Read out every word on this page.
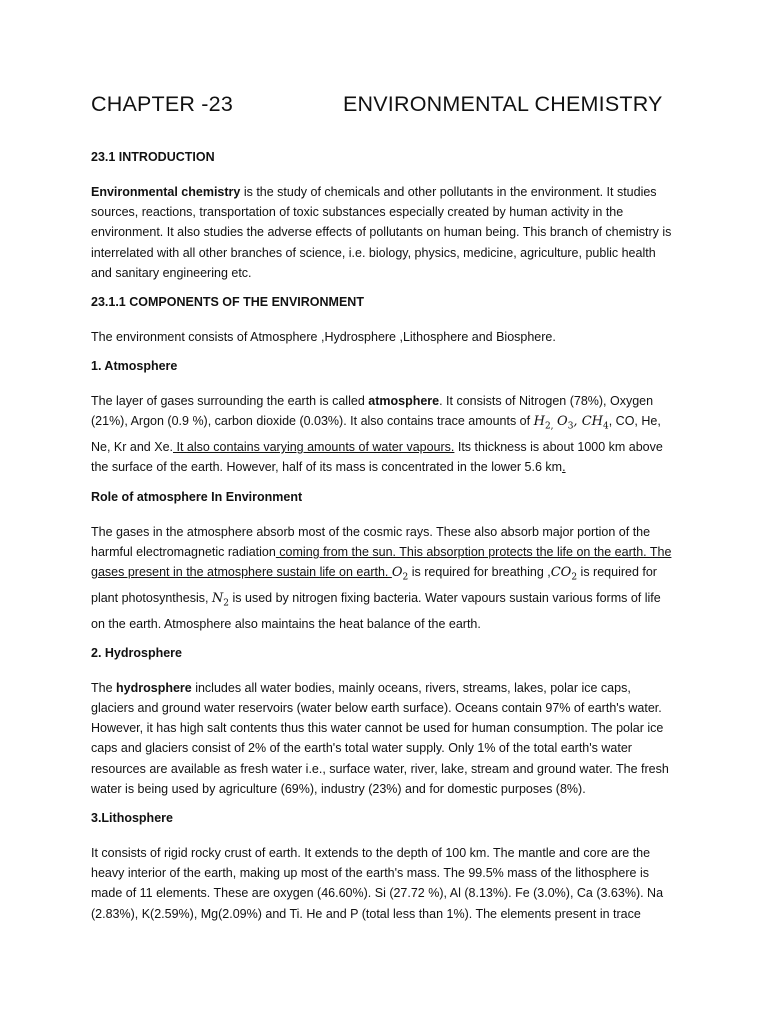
CHAPTER -23	ENVIRONMENTAL CHEMISTRY
23.1 INTRODUCTION

Environmental chemistry is the study of chemicals and other pollutants in the environment. It studies sources, reactions, transportation of toxic substances especially created by human activity in the environment. It also studies the adverse effects of pollutants on human being. This branch of chemistry is interrelated with all other branches of science, i.e. biology, physics, medicine, agriculture, public health and sanitary engineering etc.

23.1.1 COMPONENTS OF THE ENVIRONMENT

The environment consists of Atmosphere ,Hydrosphere ,Lithosphere and Biosphere.

1. Atmosphere

The layer of gases surrounding the earth is called atmosphere. It consists of Nitrogen (78%), Oxygen (21%), Argon (0.9 %), carbon dioxide (0.03%). It also contains trace amounts of $H_{2,}$ $O_3$, $CH_4$, CO, He, Ne, Kr and Xe. It also contains varying amounts of water vapours. Its thickness is about 1000 km above the surface of the earth. However, half of its mass is concentrated in the lower 5.6 km.

Role of atmosphere In Environment

The gases in the atmosphere absorb most of the cosmic rays. These also absorb major portion of the harmful electromagnetic radiation coming from the sun. This absorption protects the life on the earth. The gases present in the atmosphere sustain life on earth. $O_2$ is required for breathing $,CO_2$ is required for plant photosynthesis, $N_2$ is used by nitrogen fixing bacteria. Water vapours sustain various forms of life on the earth. Atmosphere also maintains the heat balance of the earth.

2. Hydrosphere

The hydrosphere includes all water bodies, mainly oceans, rivers, streams, lakes, polar ice caps, glaciers and ground water reservoirs (water below earth surface). Oceans contain 97% of earth's water. However, it has high salt contents thus this water cannot be used for human consumption. The polar ice caps and glaciers consist of 2% of the earth's total water supply. Only 1% of the total earth's water resources are available as fresh water i.e., surface water, river, lake, stream and ground water. The fresh water is being used by agriculture (69%), industry (23%) and for domestic purposes (8%).

3.Lithosphere

It consists of rigid rocky crust of earth. It extends to the depth of 100 km. The mantle and core are the heavy interior of the earth, making up most of the earth's mass. The 99.5% mass of the lithosphere is made of 11 elements. These are oxygen (46.60%). Si (27.72 %), Al (8.13%). Fe (3.0%), Ca (3.63%). Na (2.83%), K(2.59%), Mg(2.09%) and Ti. He and P (total less than 1%). The elements present in trace
